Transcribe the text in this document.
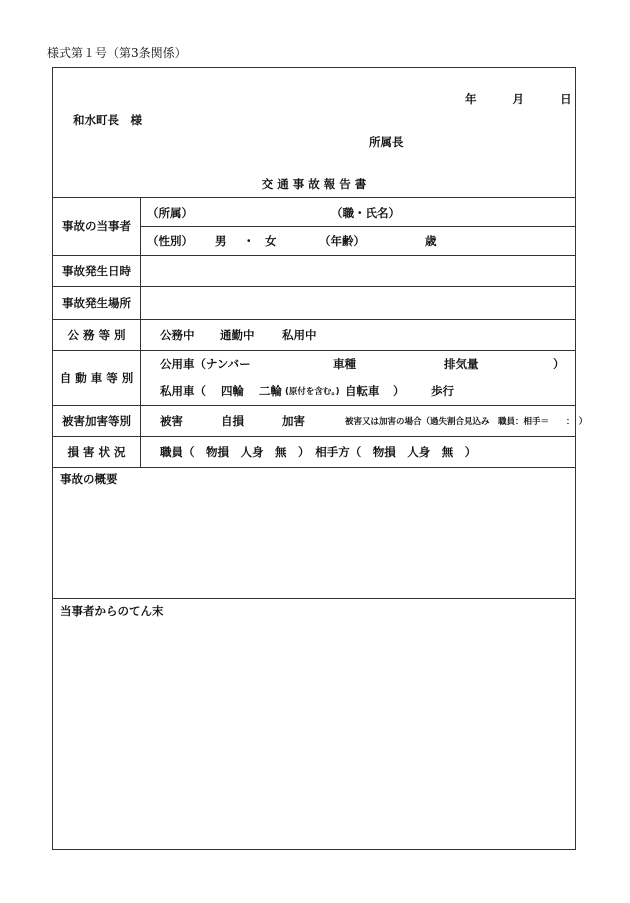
様式第１号（第3条関係）
年	月	日
和水町長　様
所属長
交 通 事 故 報 告 書
事故の当事者
（所属）	（職・氏名）
（性別） 男 ・ 女	（年齢）	歳
事故発生日時
事故発生場所
公 務 等 別	公務中 通勤中 私用中
自 動 車 等 別
公用車（ナンバー	車種	排気量	）
私用車（ 四輪 二輪 (原付を含む。) 自転車 ） 歩行
被害加害等別	被害	自損	加害	被害又は加害の場合（過失割合見込み　職員：相手＝　　：　）
損 害 状 況	職員（　物損　人身　無　）　相手方（　物損　人身　無　）
事故の概要
当事者からのてん末
